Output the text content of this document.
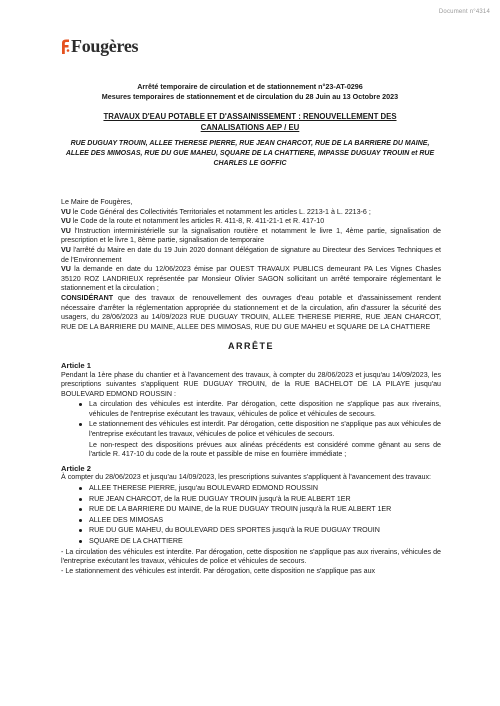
Document n°4314
Fougères
Arrêté temporaire de circulation et de stationnement n°23-AT-0296
Mesures temporaires de stationnement et de circulation du 28 Juin au 13 Octobre 2023
TRAVAUX D'EAU POTABLE ET D'ASSAINISSEMENT : RENOUVELLEMENT DES
CANALISATIONS AEP / EU
RUE DUGUAY TROUIN, ALLEE THERESE PIERRE, RUE JEAN CHARCOT, RUE DE LA BARRIERE DU MAINE,
ALLEE DES MIMOSAS, RUE DU GUE MAHEU, SQUARE DE LA CHATTIERE, IMPASSE DUGUAY TROUIN et RUE
CHARLES LE GOFFIC

Le Maire de Fougères,

VU le Code Général des Collectivités Territoriales et notamment les articles L. 2213-1 à L. 2213-6 ;

VU le Code de la route et notamment les articles R. 411-8, R. 411-21-1 et R. 417-10

VU l'Instruction interministérielle sur la signalisation routière et notamment le livre 1, 4ème partie, signalisation de prescription et le livre 1, 8ème partie, signalisation de temporaire

VU l'arrêté du Maire en date du 19 Juin 2020 donnant délégation de signature au Directeur des Services Techniques et de l'Environnement

VU la demande en date du 12/06/2023 émise par OUEST TRAVAUX PUBLICS demeurant PA Les Vignes Chasles 35120 ROZ LANDRIEUX représentée par Monsieur Olivier SAGON sollicitant un arrêté temporaire réglementant le stationnement et la circulation ;

CONSIDÉRANT que des travaux de renouvellement des ouvrages d'eau potable et d'assainissement rendent nécessaire d'arrêter la réglementation appropriée du stationnement et de la circulation, afin d'assurer la sécurité des usagers, du 28/06/2023 au 14/09/2023 RUE DUGUAY TROUIN, ALLEE THERESE PIERRE, RUE JEAN CHARCOT, RUE DE LA BARRIERE DU MAINE, ALLEE DES MIMOSAS, RUE DU GUE MAHEU et SQUARE DE LA CHATTIERE

ARRÊTE
Article 1

Pendant la 1ère phase du chantier et à l'avancement des travaux, à compter du 28/06/2023 et jusqu'au 14/09/2023, les prescriptions suivantes s'appliquent RUE DUGUAY TROUIN, de la RUE BACHELOT DE LA PILAYE jusqu'au BOULEVARD EDMOND ROUSSIN :

La circulation des véhicules est interdite. Par dérogation, cette disposition ne s'applique pas aux riverains, véhicules de l'entreprise exécutant les travaux, véhicules de police et véhicules de secours.
Le stationnement des véhicules est interdit. Par dérogation, cette disposition ne s'applique pas aux véhicules de l'entreprise exécutant les travaux, véhicules de police et véhicules de secours.

Le non-respect des dispositions prévues aux alinéas précédents est considéré comme gênant au sens de l'article R. 417-10 du code de la route et passible de mise en fourrière immédiate ;

Article 2

À compter du 28/06/2023 et jusqu'au 14/09/2023, les prescriptions suivantes s'appliquent à l'avancement des travaux:

ALLEE THERESE PIERRE, jusqu'au BOULEVARD EDMOND ROUSSIN
RUE JEAN CHARCOT, de la RUE DUGUAY TROUIN jusqu'à la RUE ALBERT 1ER
RUE DE LA BARRIERE DU MAINE, de la RUE DUGUAY TROUIN jusqu'à la RUE ALBERT 1ER
ALLEE DES MIMOSAS
RUE DU GUE MAHEU, du BOULEVARD DES SPORTES jusqu'à la RUE DUGUAY TROUIN
SQUARE DE LA CHATTIERE

- La circulation des véhicules est interdite. Par dérogation, cette disposition ne s'applique pas aux riverains, véhicules de l'entreprise exécutant les travaux, véhicules de police et véhicules de secours.

- Le stationnement des véhicules est interdit. Par dérogation, cette disposition ne s'applique pas aux
